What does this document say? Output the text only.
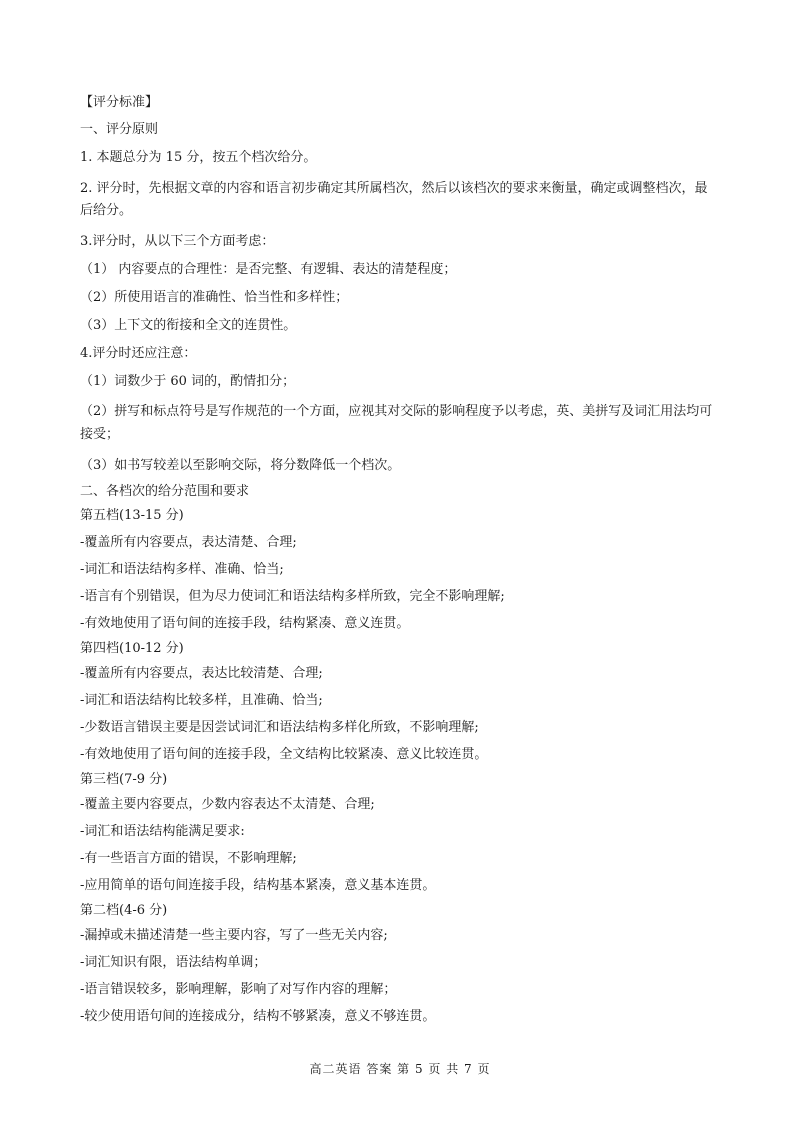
【评分标准】

一、评分原则

1. 本题总分为 15 分，按五个档次给分。

2. 评分时，先根据文章的内容和语言初步确定其所属档次，然后以该档次的要求来衡量，确定或调整档次，最后给分。

3.评分时，从以下三个方面考虑：

（1） 内容要点的合理性：是否完整、有逻辑、表达的清楚程度；

（2）所使用语言的准确性、恰当性和多样性；

（3）上下文的衔接和全文的连贯性。

4.评分时还应注意：

（1）词数少于 60 词的，酌情扣分；

（2）拼写和标点符号是写作规范的一个方面，应视其对交际的影响程度予以考虑，英、美拼写及词汇用法均可接受；

（3）如书写较差以至影响交际，将分数降低一个档次。

二、各档次的给分范围和要求

第五档(13-15 分)

-覆盖所有内容要点，表达清楚、合理;

-词汇和语法结构多样、准确、恰当;

-语言有个别错误，但为尽力使词汇和语法结构多样所致，完全不影响理解;

-有效地使用了语句间的连接手段，结构紧凑、意义连贯。

第四档(10-12 分)

-覆盖所有内容要点，表达比较清楚、合理;

-词汇和语法结构比较多样，且准确、恰当;

-少数语言错误主要是因尝试词汇和语法结构多样化所致，不影响理解;

-有效地使用了语句间的连接手段，全文结构比较紧凑、意义比较连贯。

第三档(7-9 分)

-覆盖主要内容要点，少数内容表达不太清楚、合理;

-词汇和语法结构能满足要求:

-有一些语言方面的错误，不影响理解;

-应用简单的语句间连接手段，结构基本紧凑，意义基本连贯。

第二档(4-6 分)

-漏掉或未描述清楚一些主要内容，写了一些无关内容;

-词汇知识有限，语法结构单调；

-语言错误较多，影响理解，影响了对写作内容的理解；

-较少使用语句间的连接成分，结构不够紧凑，意义不够连贯。

高二英语 答案 第 5 页 共 7 页
